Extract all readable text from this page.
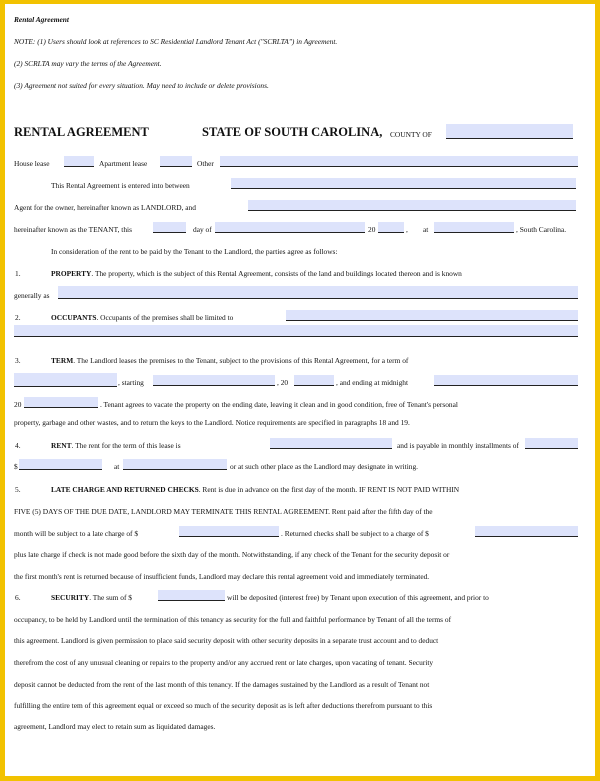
Rental Agreement
NOTE: (1) Users should look at references to SC Residential Landlord Tenant Act ("SCRLTA") in Agreement.
(2) SCRLTA may vary the terms of the Agreement.
(3) Agreement not suited for every situation. May need to include or delete provisions.
RENTAL AGREEMENT	STATE OF SOUTH CAROLINA, COUNTY OF
House lease	Apartment lease	Other
This Rental Agreement is entered into between
Agent for the owner, hereinafter known as LANDLORD, and
hereinafter known as the TENANT, this	day of	20	, at	, South Carolina.
In consideration of the rent to be paid by the Tenant to the Landlord, the parties agree as follows:
1.	PROPERTY. The property, which is the subject of this Rental Agreement, consists of the land and buildings located thereon and is known
generally as
2.	OCCUPANTS. Occupants of the premises shall be limited to
3.	TERM. The Landlord leases the premises to the Tenant, subject to the provisions of this Rental Agreement, for a term of
, starting	, 20	, and ending at midnight
20	. Tenant agrees to vacate the property on the ending date, leaving it clean and in good condition, free of Tenant's personal
property, garbage and other wastes, and to return the keys to the Landlord. Notice requirements are specified in paragraphs 18 and 19.
4.	RENT. The rent for the term of this lease is	and is payable in monthly installments of
$	at	or at such other place as the Landlord may designate in writing.
5.	LATE CHARGE AND RETURNED CHECKS. Rent is due in advance on the first day of the month. IF RENT IS NOT PAID WITHIN
FIVE (5) DAYS OF THE DUE DATE, LANDLORD MAY TERMINATE THIS RENTAL AGREEMENT. Rent paid after the fifth day of the
month will be subject to a late charge of $	. Returned checks shall be subject to a charge of $
plus late charge if check is not made good before the sixth day of the month. Notwithstanding, if any check of the Tenant for the security deposit or
the first month's rent is returned because of insufficient funds, Landlord may declare this rental agreement void and immediately terminated.
6.	SECURITY. The sum of $	will be deposited (interest free) by Tenant upon execution of this agreement, and prior to
occupancy, to be held by Landlord until the termination of this tenancy as security for the full and faithful performance by Tenant of all the terms of
this agreement. Landlord is given permission to place said security deposit with other security deposits in a separate trust account and to deduct
therefrom the cost of any unusual cleaning or repairs to the property and/or any accrued rent or late charges, upon vacating of tenant. Security
deposit cannot be deducted from the rent of the last month of this tenancy. If the damages sustained by the Landlord as a result of Tenant not
fulfilling the entire tem of this agreement equal or exceed so much of the security deposit as is left after deductions therefrom pursuant to this
agreement, Landlord may elect to retain sum as liquidated damages.
